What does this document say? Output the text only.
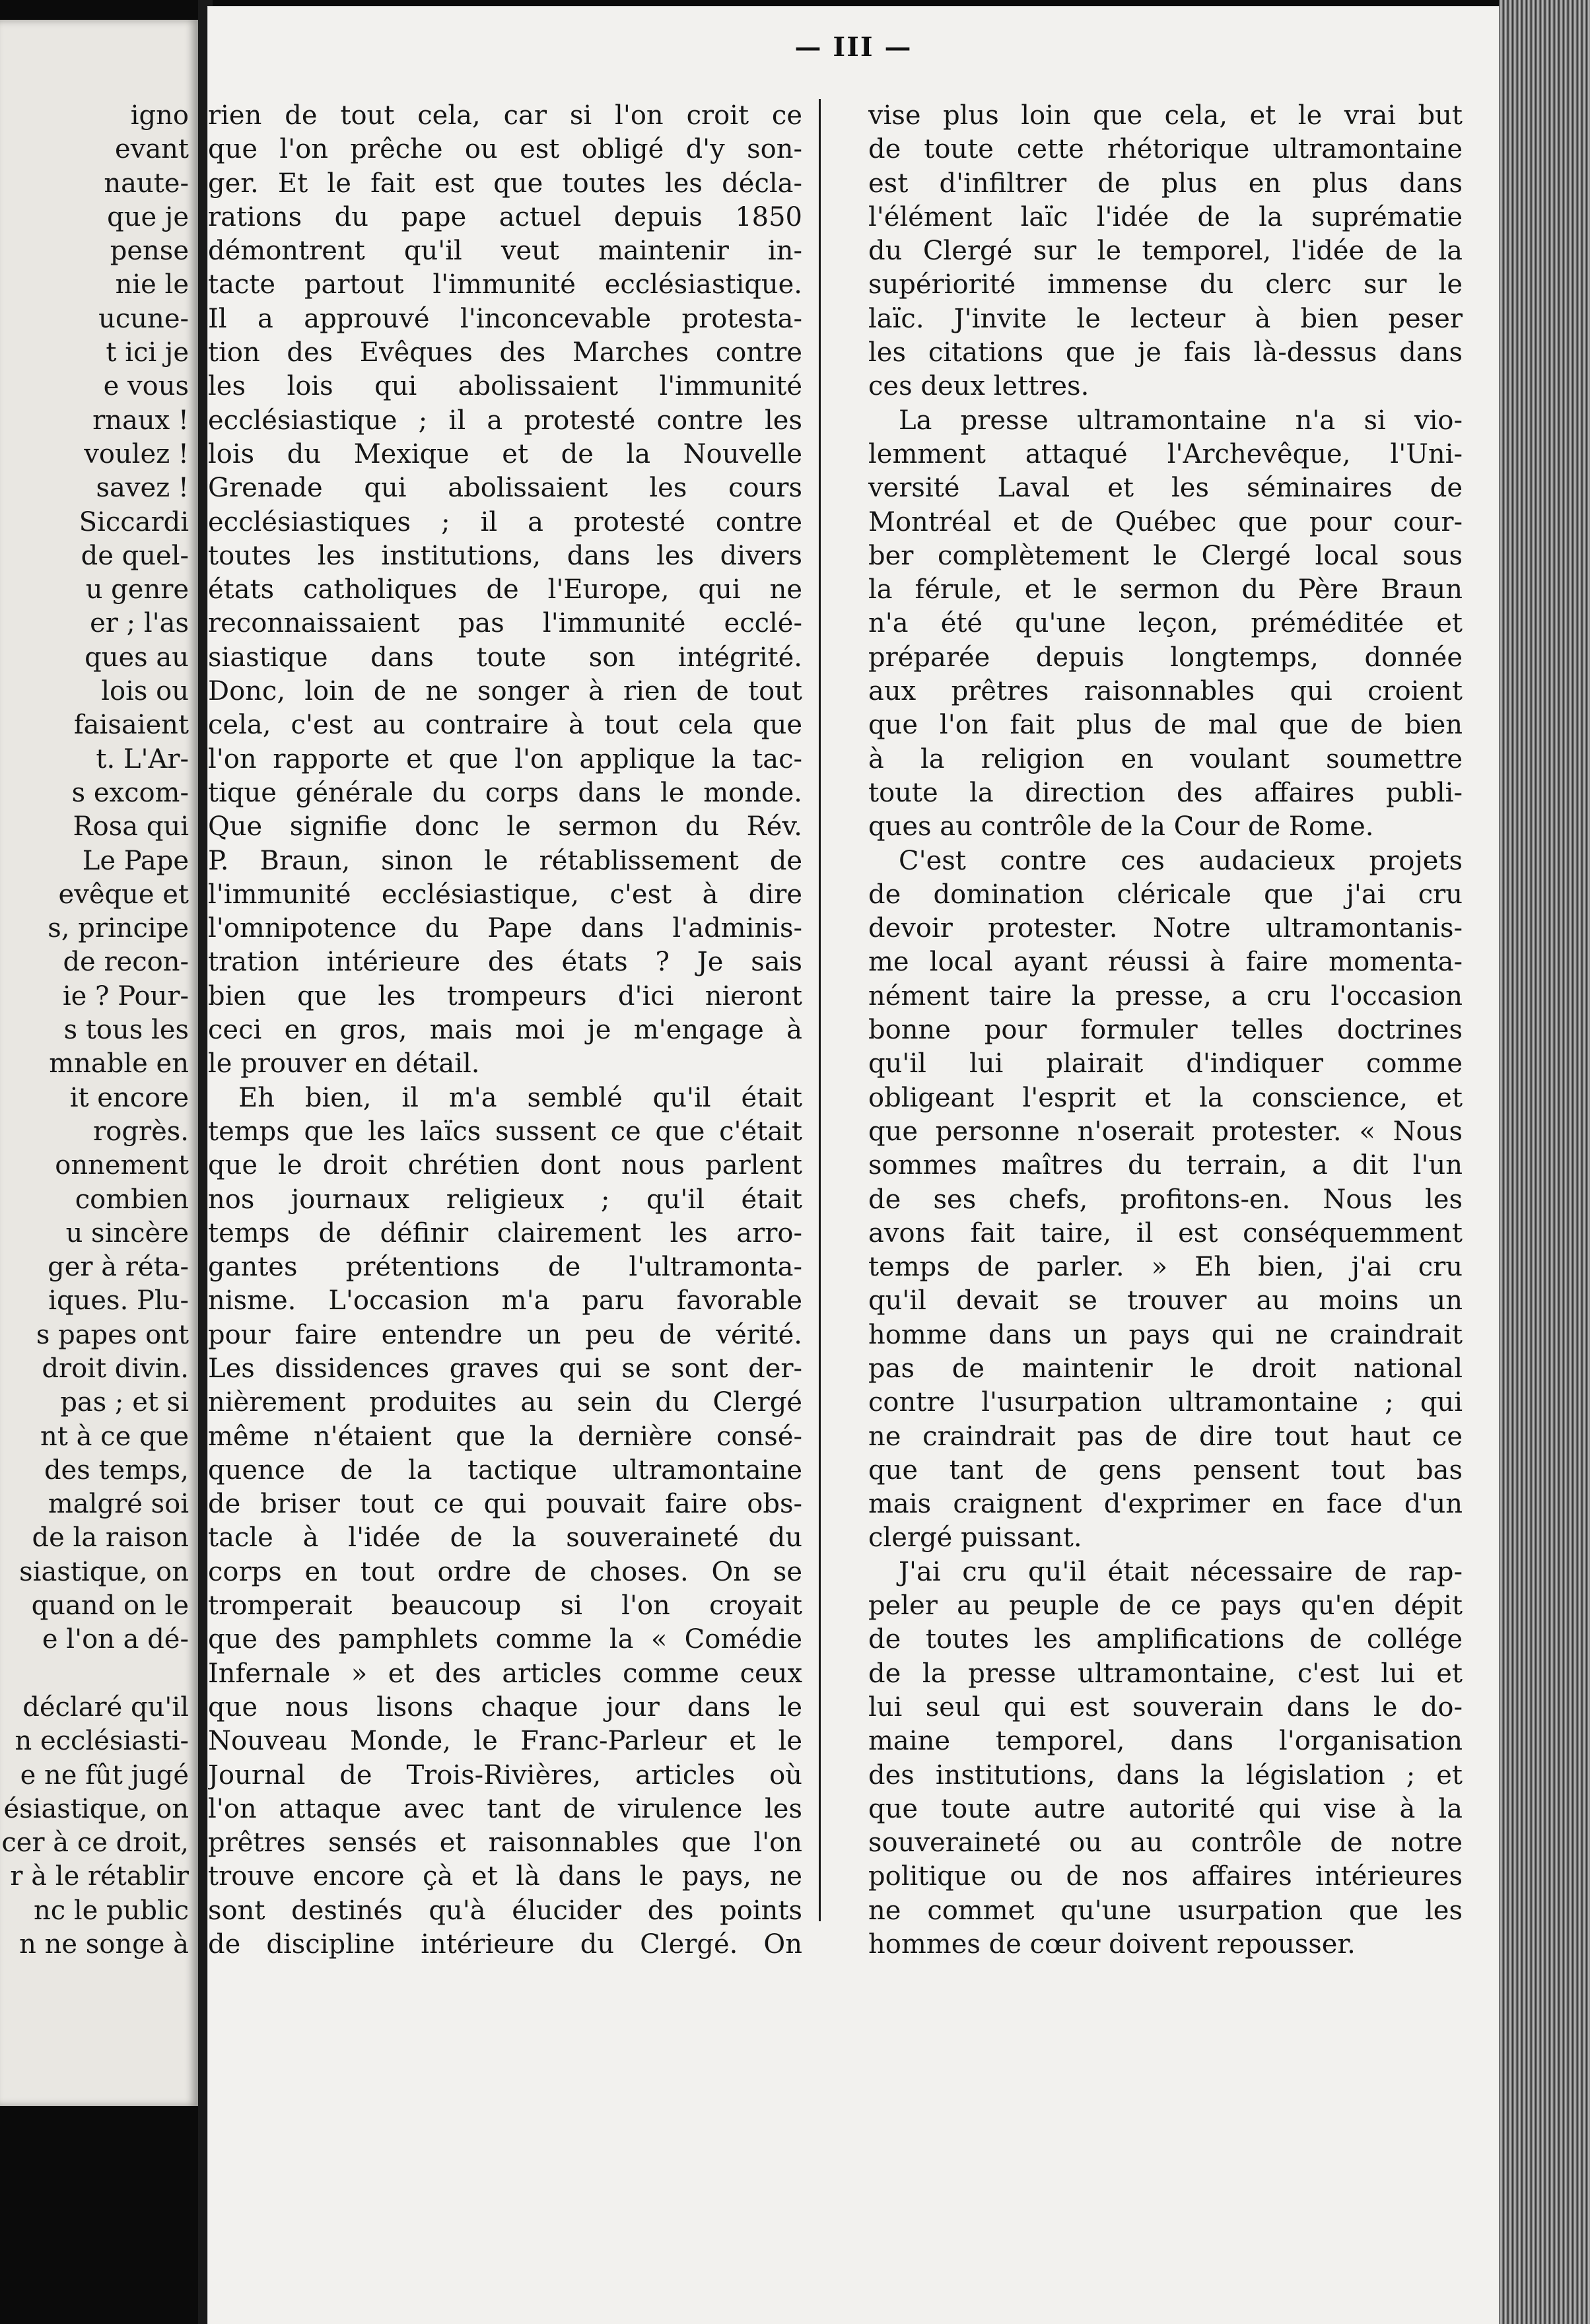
igno
evant
naute-
que je
pense
nie le
ucune-
t ici je
e vous
rnaux !
voulez !
savez !
Siccardi
de quel-
u genre
er ; l'as
ques au
lois ou
faisaient
t. L'Ar-
s excom-
Rosa qui
Le Pape
evêque et
s, principe
de recon-
ie ? Pour-
s tous les
mnable en
it encore
rogrès.
onnement
combien
u sincère
ger à réta-
iques. Plu-
s papes ont
droit divin.
pas ; et si
nt à ce que
des temps,
malgré soi
de la raison
siastique, on
quand on le
e l'on a dé-
déclaré qu'il
n ecclésiasti-
e ne fût jugé
ésiastique, on
cer à ce droit,
r à le rétablir
nc le public
n ne songe à
— III —
rien de tout cela, car si l'on croit ce
que l'on prêche ou est obligé d'y son-
ger. Et le fait est que toutes les décla-
rations du pape actuel depuis 1850
démontrent qu'il veut maintenir in-
tacte partout l'immunité ecclésiastique.
Il a approuvé l'inconcevable protesta-
tion des Evêques des Marches contre
les lois qui abolissaient l'immunité
ecclésiastique ; il a protesté contre les
lois du Mexique et de la Nouvelle
Grenade qui abolissaient les cours
ecclésiastiques ; il a protesté contre
toutes les institutions, dans les divers
états catholiques de l'Europe, qui ne
reconnaissaient pas l'immunité ecclé-
siastique dans toute son intégrité.
Donc, loin de ne songer à rien de tout
cela, c'est au contraire à tout cela que
l'on rapporte et que l'on applique la tac-
tique générale du corps dans le monde.
Que signifie donc le sermon du Rév.
P. Braun, sinon le rétablissement de
l'immunité ecclésiastique, c'est à dire
l'omnipotence du Pape dans l'adminis-
tration intérieure des états ? Je sais
bien que les trompeurs d'ici nieront
ceci en gros, mais moi je m'engage à
le prouver en détail.
Eh bien, il m'a semblé qu'il était
temps que les laïcs sussent ce que c'était
que le droit chrétien dont nous parlent
nos journaux religieux ; qu'il était
temps de définir clairement les arro-
gantes prétentions de l'ultramonta-
nisme. L'occasion m'a paru favorable
pour faire entendre un peu de vérité.
Les dissidences graves qui se sont der-
nièrement produites au sein du Clergé
même n'étaient que la dernière consé-
quence de la tactique ultramontaine
de briser tout ce qui pouvait faire obs-
tacle à l'idée de la souveraineté du
corps en tout ordre de choses. On se
tromperait beaucoup si l'on croyait
que des pamphlets comme la « Comédie
Infernale » et des articles comme ceux
que nous lisons chaque jour dans le
Nouveau Monde, le Franc-Parleur et le
Journal de Trois-Rivières, articles où
l'on attaque avec tant de virulence les
prêtres sensés et raisonnables que l'on
trouve encore çà et là dans le pays, ne
sont destinés qu'à élucider des points
de discipline intérieure du Clergé. On
vise plus loin que cela, et le vrai but
de toute cette rhétorique ultramontaine
est d'infiltrer de plus en plus dans
l'élément laïc l'idée de la suprématie
du Clergé sur le temporel, l'idée de la
supériorité immense du clerc sur le
laïc. J'invite le lecteur à bien peser
les citations que je fais là-dessus dans
ces deux lettres.
La presse ultramontaine n'a si vio-
lemment attaqué l'Archevêque, l'Uni-
versité Laval et les séminaires de
Montréal et de Québec que pour cour-
ber complètement le Clergé local sous
la férule, et le sermon du Père Braun
n'a été qu'une leçon, préméditée et
préparée depuis longtemps, donnée
aux prêtres raisonnables qui croient
que l'on fait plus de mal que de bien
à la religion en voulant soumettre
toute la direction des affaires publi-
ques au contrôle de la Cour de Rome.
C'est contre ces audacieux projets
de domination cléricale que j'ai cru
devoir protester. Notre ultramontanis-
me local ayant réussi à faire momenta-
nément taire la presse, a cru l'occasion
bonne pour formuler telles doctrines
qu'il lui plairait d'indiquer comme
obligeant l'esprit et la conscience, et
que personne n'oserait protester. « Nous
sommes maîtres du terrain, a dit l'un
de ses chefs, profitons-en. Nous les
avons fait taire, il est conséquemment
temps de parler. » Eh bien, j'ai cru
qu'il devait se trouver au moins un
homme dans un pays qui ne craindrait
pas de maintenir le droit national
contre l'usurpation ultramontaine ; qui
ne craindrait pas de dire tout haut ce
que tant de gens pensent tout bas
mais craignent d'exprimer en face d'un
clergé puissant.
J'ai cru qu'il était nécessaire de rap-
peler au peuple de ce pays qu'en dépit
de toutes les amplifications de collége
de la presse ultramontaine, c'est lui et
lui seul qui est souverain dans le do-
maine temporel, dans l'organisation
des institutions, dans la législation ; et
que toute autre autorité qui vise à la
souveraineté ou au contrôle de notre
politique ou de nos affaires intérieures
ne commet qu'une usurpation que les
hommes de cœur doivent repousser.
